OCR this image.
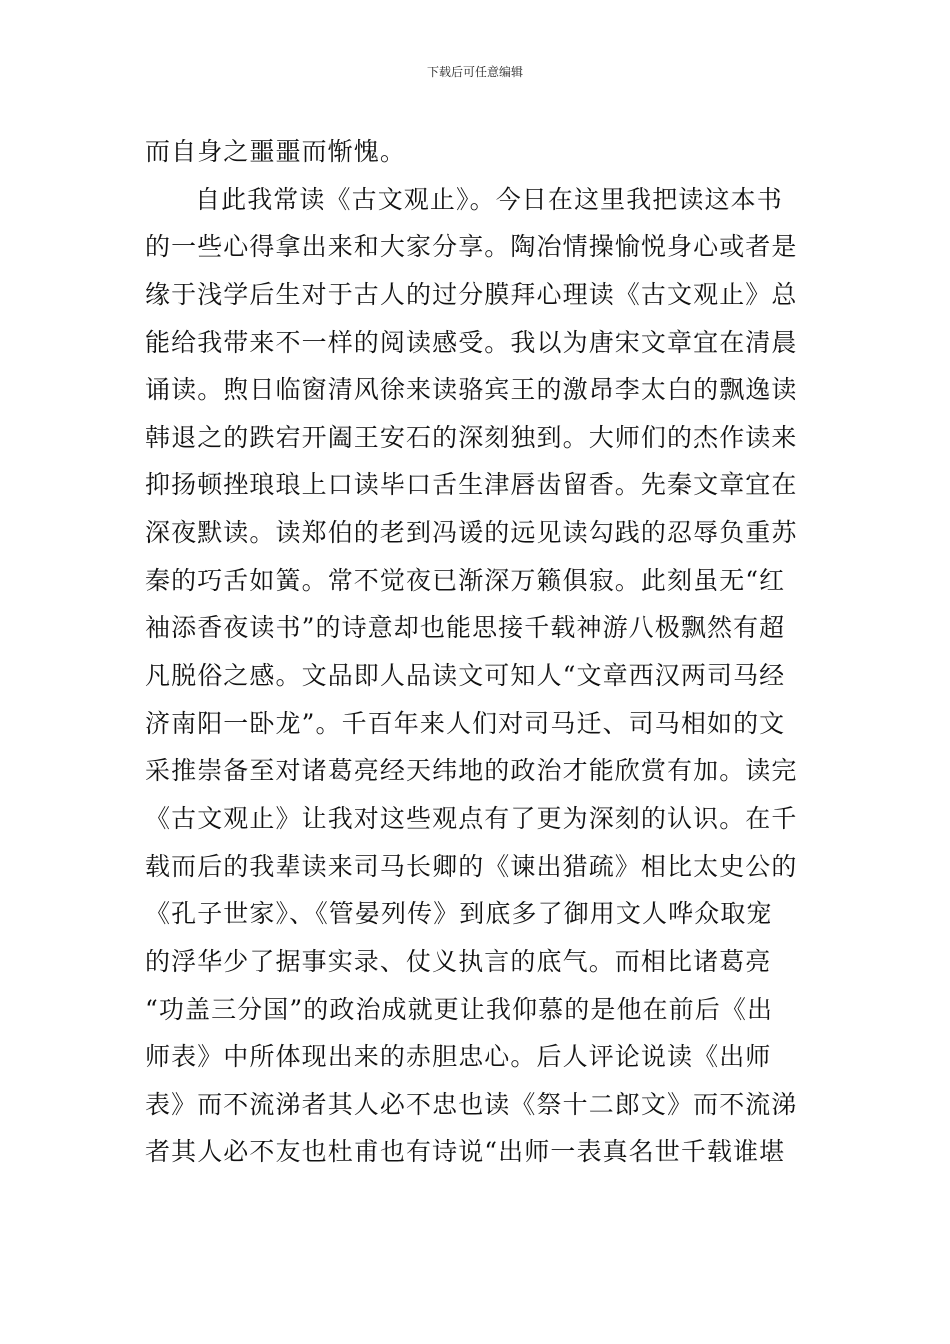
下载后可任意编辑
而自身之噩噩而惭愧。
自此我常读《古文观止》。今日在这里我把读这本书
的一些心得拿出来和大家分享。陶冶情操愉悦身心或者是
缘于浅学后生对于古人的过分膜拜心理读《古文观止》总
能给我带来不一样的阅读感受。我以为唐宋文章宜在清晨
诵读。煦日临窗清风徐来读骆宾王的激昂李太白的飘逸读
韩退之的跌宕开阖王安石的深刻独到。大师们的杰作读来
抑扬顿挫琅琅上口读毕口舌生津唇齿留香。先秦文章宜在
深夜默读。读郑伯的老到冯谖的远见读勾践的忍辱负重苏
秦的巧舌如簧。常不觉夜已渐深万籁俱寂。此刻虽无“红
袖添香夜读书”的诗意却也能思接千载神游八极飘然有超
凡脱俗之感。文品即人品读文可知人“文章西汉两司马经
济南阳一卧龙”。千百年来人们对司马迁、司马相如的文
采推崇备至对诸葛亮经天纬地的政治才能欣赏有加。读完
《古文观止》让我对这些观点有了更为深刻的认识。在千
载而后的我辈读来司马长卿的《谏出猎疏》相比太史公的
《孔子世家》、《管晏列传》到底多了御用文人哗众取宠
的浮华少了据事实录、仗义执言的底气。而相比诸葛亮
“功盖三分国”的政治成就更让我仰慕的是他在前后《出
师表》中所体现出来的赤胆忠心。后人评论说读《出师
表》而不流涕者其人必不忠也读《祭十二郎文》而不流涕
者其人必不友也杜甫也有诗说“出师一表真名世千载谁堪
